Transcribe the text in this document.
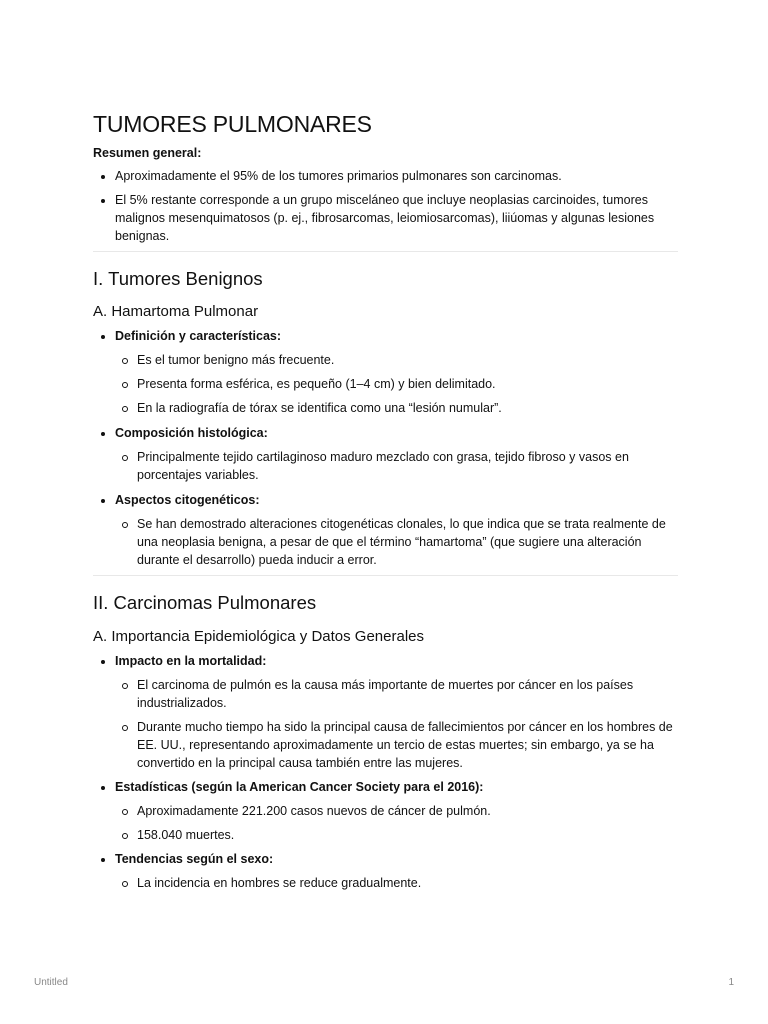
TUMORES PULMONARES
Resumen general:
Aproximadamente el 95% de los tumores primarios pulmonares son carcinomas.
El 5% restante corresponde a un grupo misceláneo que incluye neoplasias carcinoides, tumores malignos mesenquimatosos (p. ej., fibrosarcomas, leiomiosarcomas), liiúomas y algunas lesiones benignas.
I. Tumores Benignos
A. Hamartoma Pulmonar
Definición y características:
Es el tumor benigno más frecuente.
Presenta forma esférica, es pequeño (1–4 cm) y bien delimitado.
En la radiografía de tórax se identifica como una “lesión numular”.
Composición histológica:
Principalmente tejido cartilaginoso maduro mezclado con grasa, tejido fibroso y vasos en porcentajes variables.
Aspectos citogenéticos:
Se han demostrado alteraciones citogenéticas clonales, lo que indica que se trata realmente de una neoplasia benigna, a pesar de que el término “hamartoma” (que sugiere una alteración durante el desarrollo) pueda inducir a error.
II. Carcinomas Pulmonares
A. Importancia Epidemiológica y Datos Generales
Impacto en la mortalidad:
El carcinoma de pulmón es la causa más importante de muertes por cáncer en los países industrializados.
Durante mucho tiempo ha sido la principal causa de fallecimientos por cáncer en los hombres de EE. UU., representando aproximadamente un tercio de estas muertes; sin embargo, ya se ha convertido en la principal causa también entre las mujeres.
Estadísticas (según la American Cancer Society para el 2016):
Aproximadamente 221.200 casos nuevos de cáncer de pulmón.
158.040 muertes.
Tendencias según el sexo:
La incidencia en hombres se reduce gradualmente.
Untitled	1
